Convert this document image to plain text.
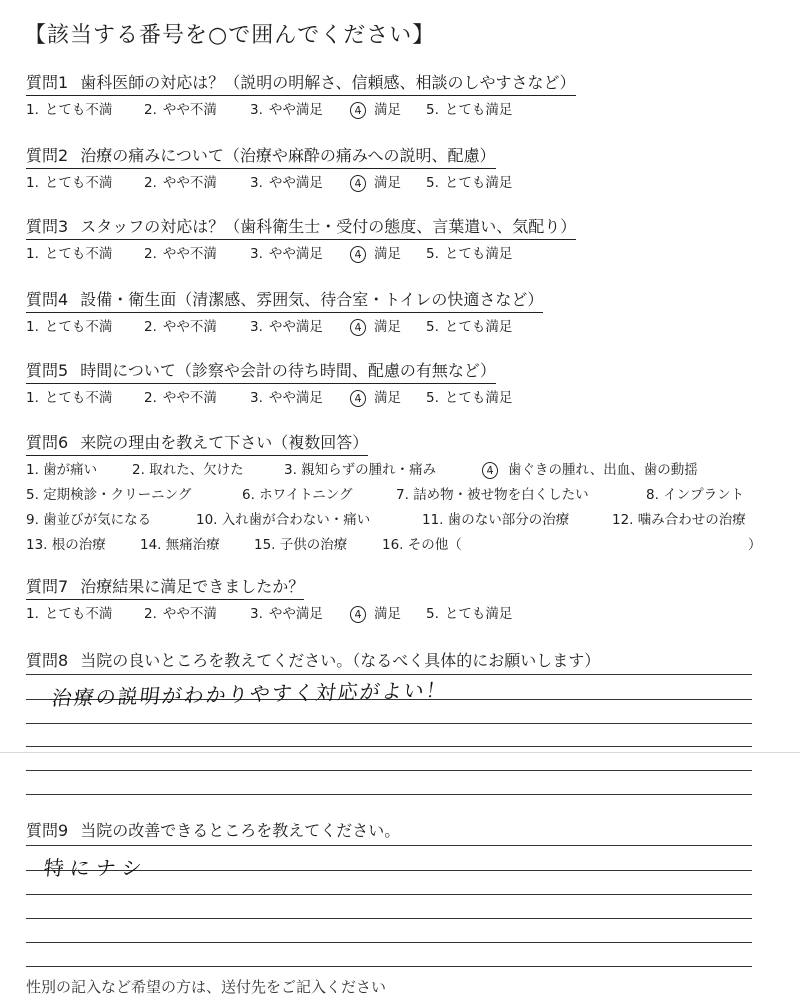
【該当する番号を○で囲んでください】
質問1 歯科医師の対応は？（説明の明解さ、信頼感、相談のしやすさなど）
1. とても不満 2. やや不満 3. やや満足	4 満足 5. とても満足
質問2 治療の痛みについて（治療や麻酔の痛みへの説明、配慮）
1. とても不満 2. やや不満 3. やや満足	4 満足 5. とても満足
質問3 スタッフの対応は？（歯科衛生士・受付の態度、言葉遣い、気配り）
1. とても不満 2. やや不満 3. やや満足	4 満足 5. とても満足
質問4 設備・衛生面（清潔感、雰囲気、待合室・トイレの快適さなど）
1. とても不満 2. やや不満 3. やや満足	4 満足 5. とても満足
質問5 時間について（診察や会計の待ち時間、配慮の有無など）
1. とても不満 2. やや不満 3. やや満足	4 満足 5. とても満足
質問6 来院の理由を教えて下さい（複数回答）
1. 歯が痛い	2. 取れた、欠けた	3. 親知らずの腫れ・痛み	4 歯ぐきの腫れ、出血、歯の動揺
5. 定期検診・クリーニング	6. ホワイトニング	7. 詰め物・被せ物を白くしたい	8. インプラント
9. 歯並びが気になる	10. 入れ歯が合わない・痛い	11. 歯のない部分の治療	12. 噛み合わせの治療
13. 根の治療	14. 無痛治療	15. 子供の治療	16. その他（	）
質問7 治療結果に満足できましたか？
1. とても不満 2. やや不満 3. やや満足	4 満足 5. とても満足
質問8 当院の良いところを教えてください。（なるべく具体的にお願いします）
治療の説明がわかりやすく対応がよい！
質問9 当院の改善できるところを教えてください。
特にナシ
性別の記入など希望の方は、送付先をご記入ください
